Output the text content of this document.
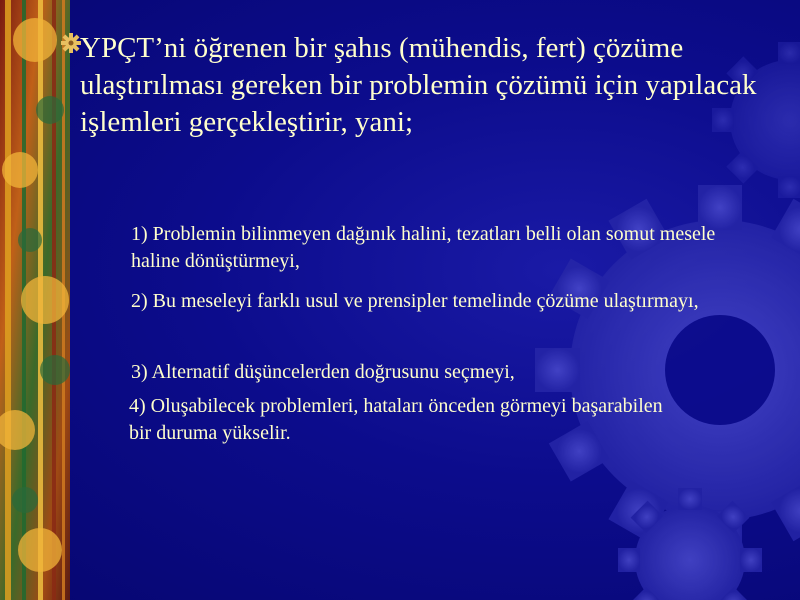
YPÇT’ni öğrenen bir şahıs (mühendis, fert) çözüme ulaştırılması gereken bir problemin çözümü için yapılacak işlemleri gerçekleştirir, yani;

1) Problemin bilinmeyen dağınık halini, tezatları belli olan somut mesele haline dönüştürmeyi,

2) Bu meseleyi farklı usul ve prensipler temelinde çözüme ulaştırmayı,

3) Alternatif düşüncelerden doğrusunu seçmeyi,

4) Oluşabilecek problemleri, hataları önceden görmeyi başarabilen bir duruma yükselir.
